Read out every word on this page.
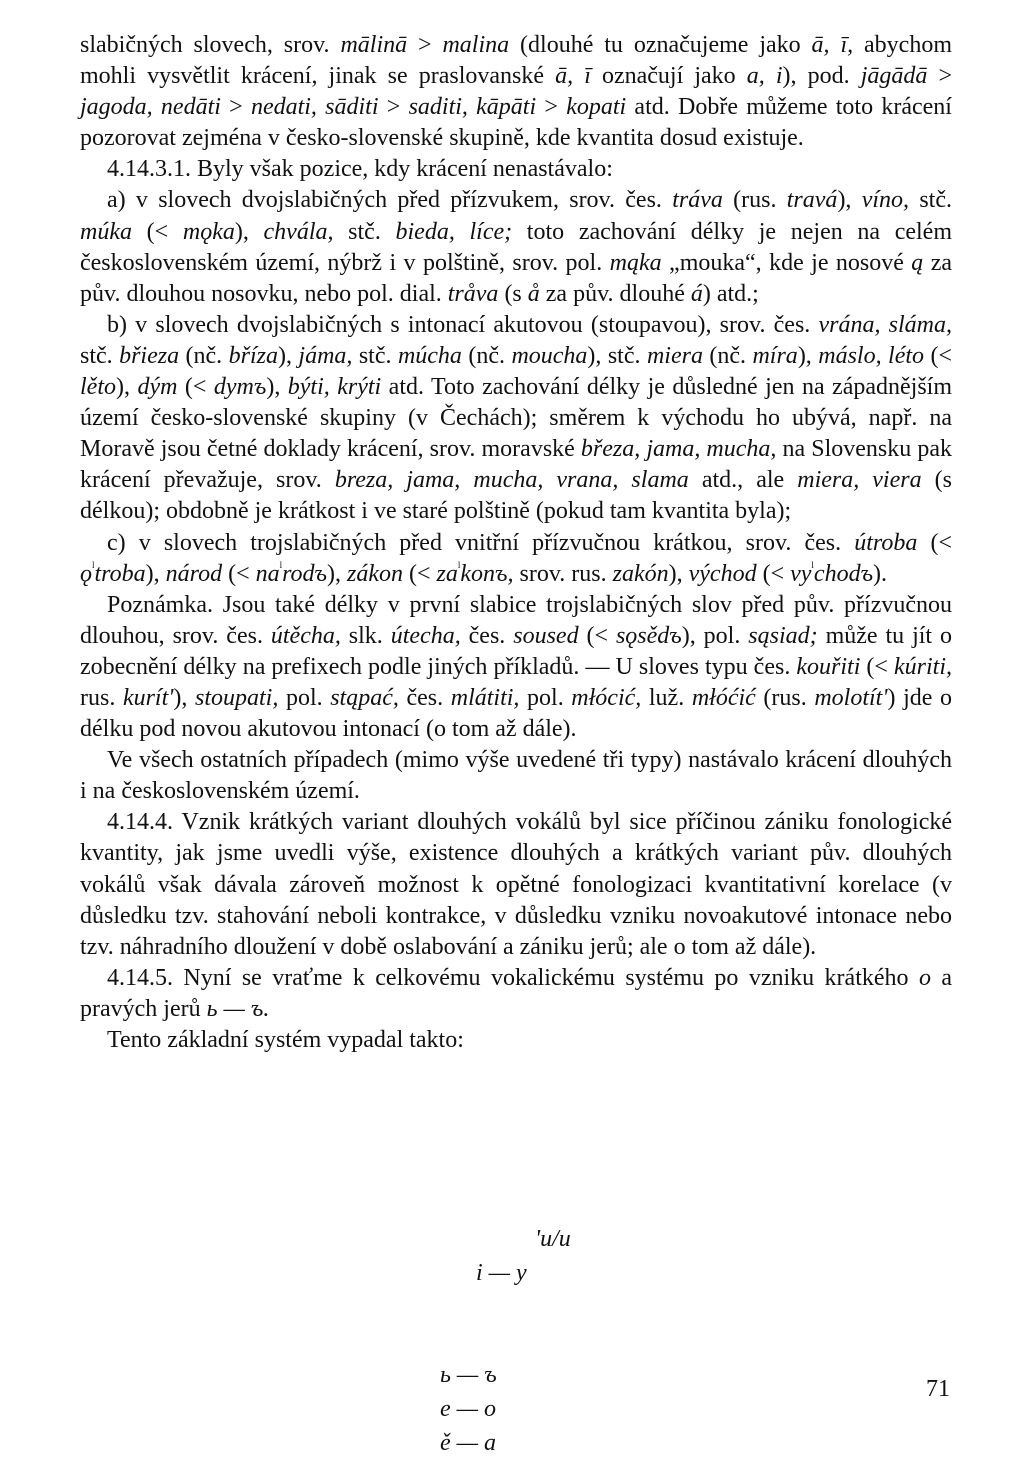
slabičných slovech, srov. mālinā > malina (dlouhé tu označujeme jako ā, ī, abychom mohli vysvětlit krácení, jinak se praslovanské ā, ī označují jako a, i), pod. jāgādā > jagoda, nedāti > nedati, sāditi > saditi, kāpāti > kopati atd. Dobře můžeme toto krácení pozorovat zejména v česko-slovenské skupině, kde kvantita dosud existuje.

4.14.3.1. Byly však pozice, kdy krácení nenastávalo:

a) v slovech dvojslabičných před přízvukem, srov. čes. tráva (rus. travá), víno, stč. múka (< mǫka), chvála, stč. bieda, líce; toto zachování délky je nejen na celém československém území, nýbrž i v polštině, srov. pol. mąka „mouka“, kde je nosové ą za pův. dlouhou nosovku, nebo pol. dial. tråva (s å za pův. dlouhé á) atd.;

b) v slovech dvojslabičných s intonací akutovou (stoupavou), srov. čes. vrána, sláma, stč. břieza (nč. bříza), jáma, stč. múcha (nč. moucha), stč. miera (nč. míra), máslo, léto (< lěto), dým (< dymъ), býti, krýti atd. Toto zachování délky je důsledné jen na západnějším území česko-slovenské skupiny (v Čechách); směrem k východu ho ubývá, např. na Moravě jsou četné doklady krácení, srov. moravské březa, jama, mucha, na Slovensku pak krácení převažuje, srov. breza, jama, mucha, vrana, slama atd., ale miera, viera (s délkou); obdobně je krátkost i ve staré polštině (pokud tam kvantita byla);

c) v slovech trojslabičných před vnitřní přízvučnou krátkou, srov. čes. útroba (< $ǫ^ˡtroba$), národ (< $na^ˡrodъ$), zákon (< $za^ˡkonъ$, srov. rus. zakón), východ (< $vy^ˡchodъ$).

Poznámka. Jsou také délky v první slabice trojslabičných slov před pův. přízvučnou dlouhou, srov. čes. útěcha, slk. útecha, čes. soused (< sǫsědъ), pol. sąsiad; může tu jít o zobecnění délky na prefixech podle jiných příkladů. — U sloves typu čes. kouřiti (< kúriti, rus. kurít'), stoupati, pol. stąpać, čes. mlátiti, pol. młócić, luž. młóćić (rus. molotít') jde o délku pod novou akutovou intonací (o tom až dále).

Ve všech ostatních případech (mimo výše uvedené tři typy) nastávalo krácení dlouhých i na československém území.

4.14.4. Vznik krátkých variant dlouhých vokálů byl sice příčinou zániku fonologické kvantity, jak jsme uvedli výše, existence dlouhých a krátkých variant pův. dlouhých vokálů však dávala zároveň možnost k opětné fonologizaci kvantitativní korelace (v důsledku tzv. stahování neboli kontrakce, v důsledku vzniku novoakutové intonace nebo tzv. náhradního dloužení v době oslabování a zániku jerů; ale o tom až dále).

4.14.5. Nyní se vraťme k celkovému vokalickému systému po vzniku krátkého o a pravých jerů ь — ъ.

Tento základní systém vypadal takto:

i — y

'u/u

ь — ъ
e — o
ě — a
71
